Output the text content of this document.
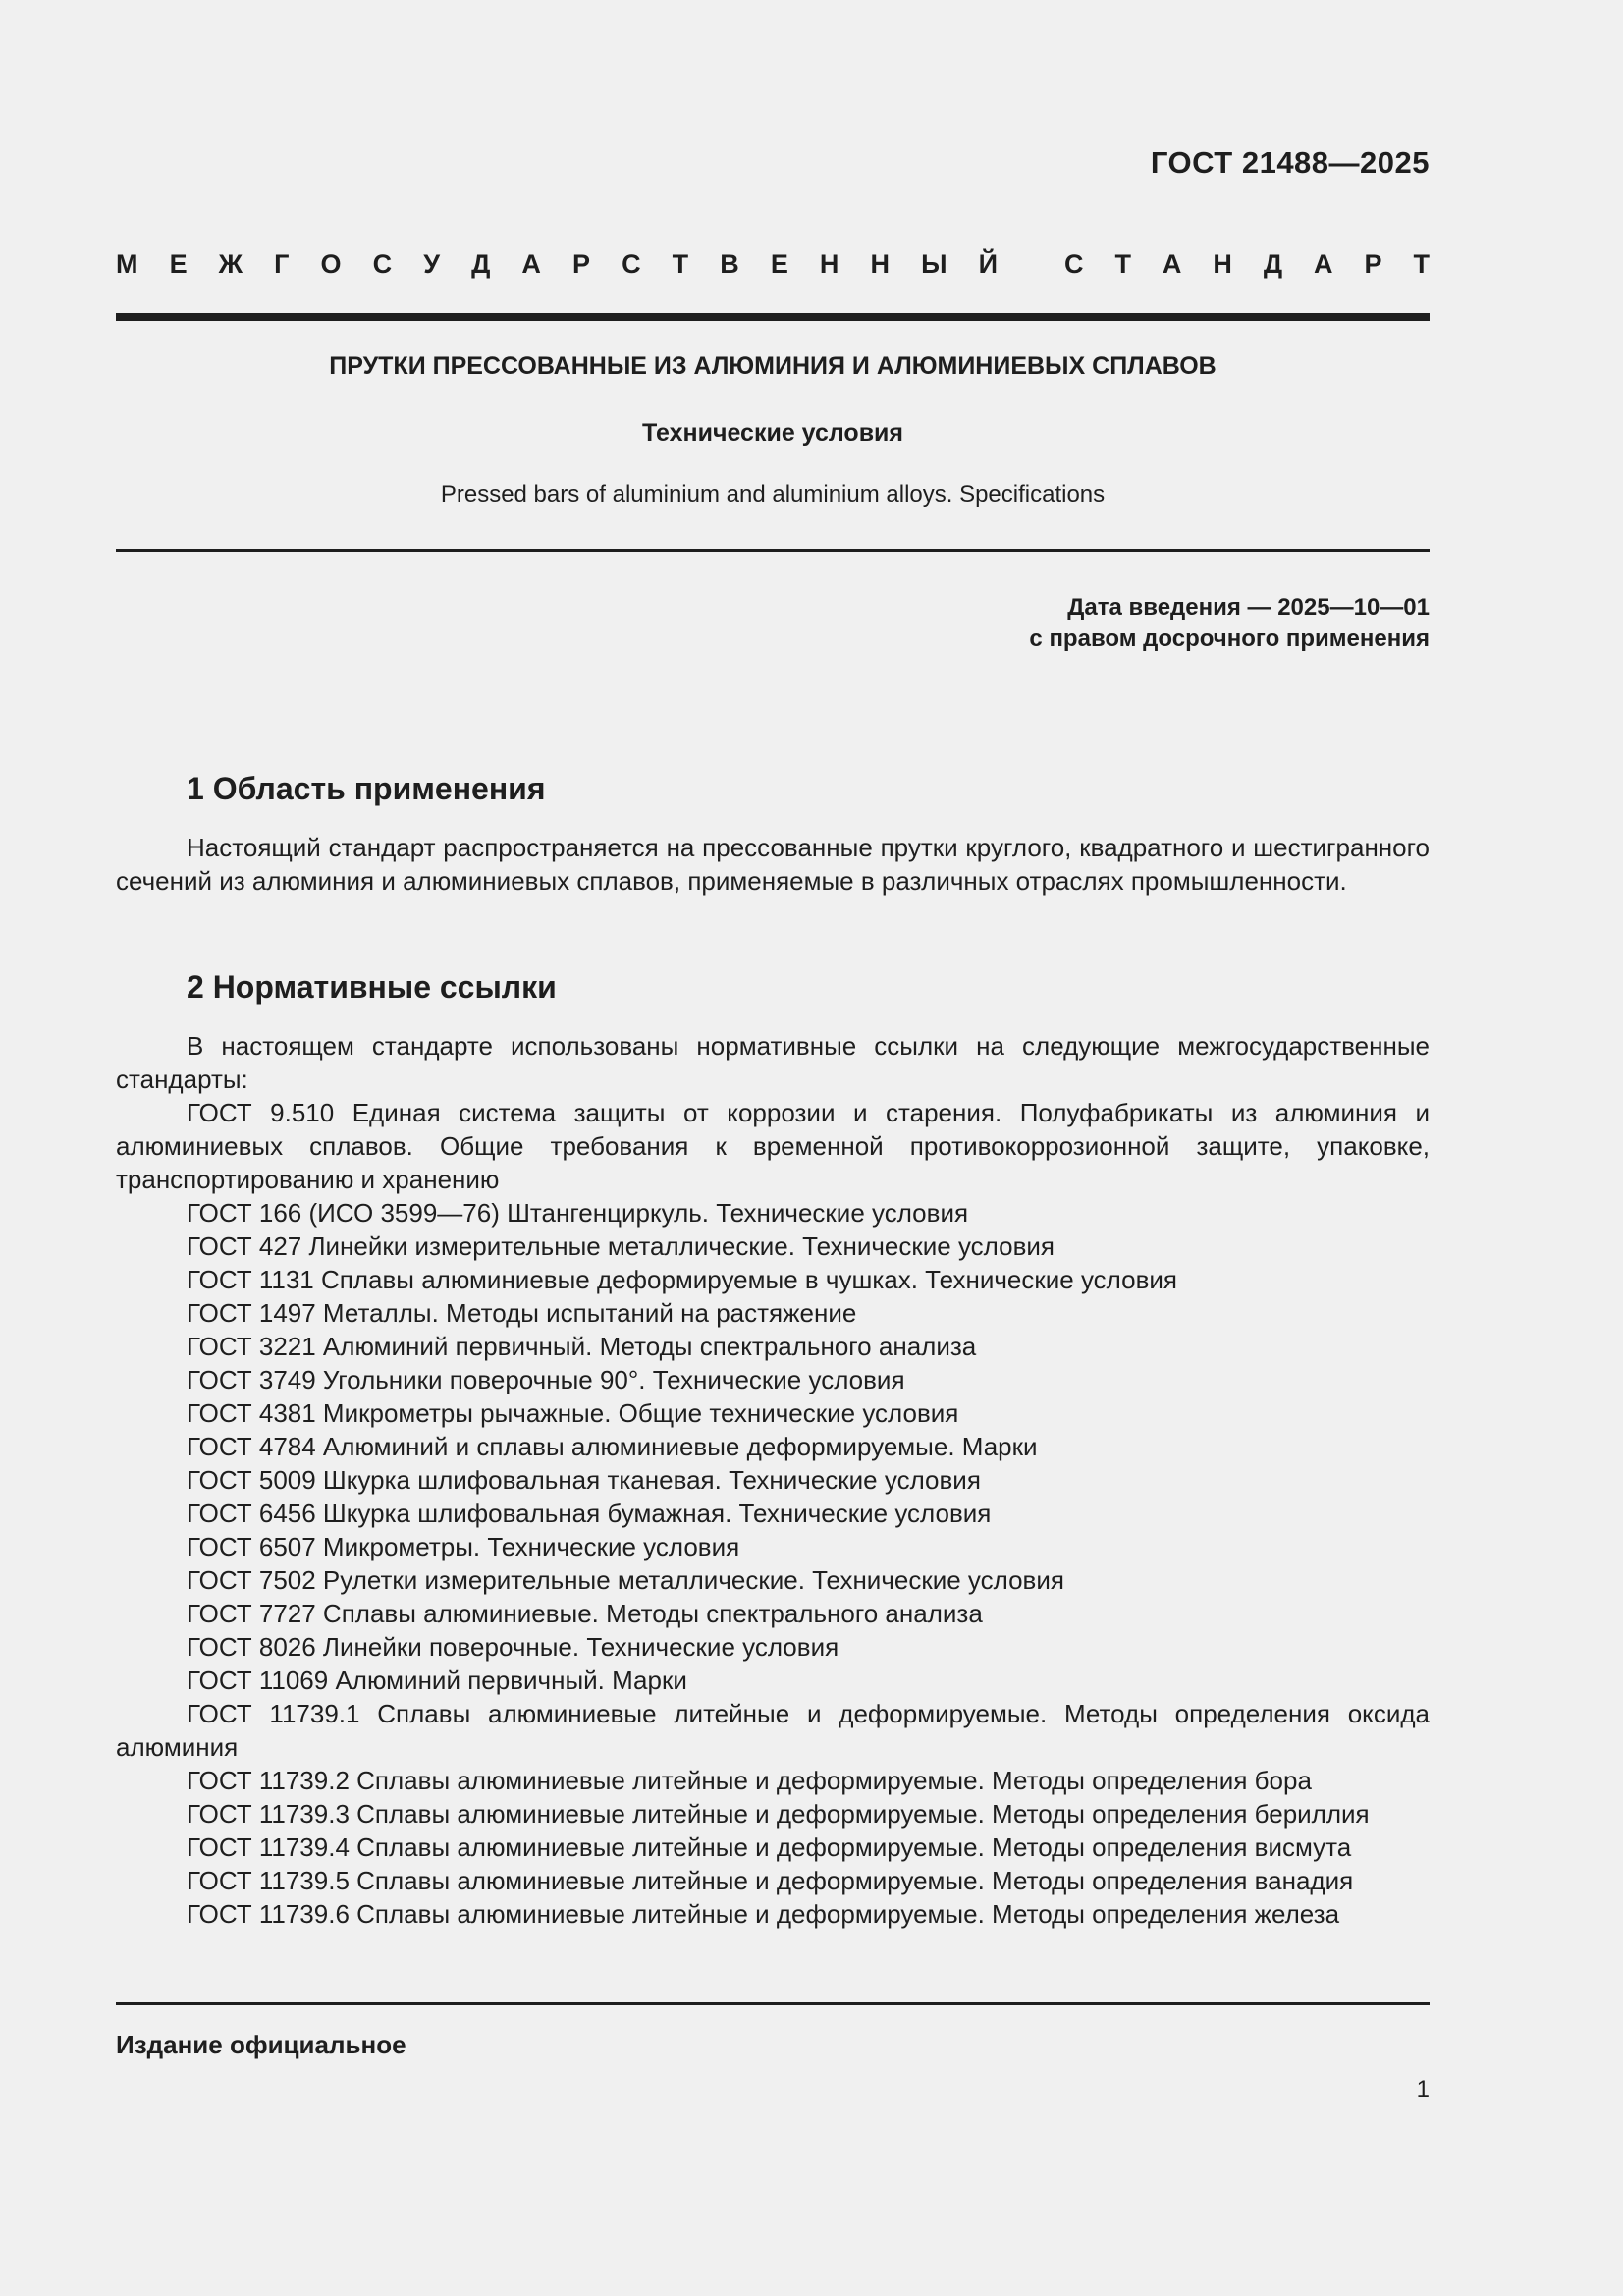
ГОСТ 21488—2025
М Е Ж Г О С У Д А Р С Т В Е Н Н Ы Й	С Т А Н Д А Р Т
ПРУТКИ ПРЕССОВАННЫЕ ИЗ АЛЮМИНИЯ И АЛЮМИНИЕВЫХ СПЛАВОВ
Технические условия
Pressed bars of aluminium and aluminium alloys. Specifications
Дата введения — 2025—10—01
с правом досрочного применения
1 Область применения

Настоящий стандарт распространяется на прессованные прутки круглого, квадратного и шестигранного сечений из алюминия и алюминиевых сплавов, применяемые в различных отраслях промышленности.

2 Нормативные ссылки

В настоящем стандарте использованы нормативные ссылки на следующие межгосударственные стандарты:

ГОСТ 9.510 Единая система защиты от коррозии и старения. Полуфабрикаты из алюминия и алюминиевых сплавов. Общие требования к временной противокоррозионной защите, упаковке, транспортированию и хранению

ГОСТ 166 (ИСО 3599—76) Штангенциркуль. Технические условия

ГОСТ 427 Линейки измерительные металлические. Технические условия

ГОСТ 1131 Сплавы алюминиевые деформируемые в чушках. Технические условия

ГОСТ 1497 Металлы. Методы испытаний на растяжение

ГОСТ 3221 Алюминий первичный. Методы спектрального анализа

ГОСТ 3749 Угольники поверочные 90°. Технические условия

ГОСТ 4381 Микрометры рычажные. Общие технические условия

ГОСТ 4784 Алюминий и сплавы алюминиевые деформируемые. Марки

ГОСТ 5009 Шкурка шлифовальная тканевая. Технические условия

ГОСТ 6456 Шкурка шлифовальная бумажная. Технические условия

ГОСТ 6507 Микрометры. Технические условия

ГОСТ 7502 Рулетки измерительные металлические. Технические условия

ГОСТ 7727 Сплавы алюминиевые. Методы спектрального анализа

ГОСТ 8026 Линейки поверочные. Технические условия

ГОСТ 11069 Алюминий первичный. Марки

ГОСТ 11739.1 Сплавы алюминиевые литейные и деформируемые. Методы определения оксида алюминия

ГОСТ 11739.2 Сплавы алюминиевые литейные и деформируемые. Методы определения бора

ГОСТ 11739.3 Сплавы алюминиевые литейные и деформируемые. Методы определения бериллия

ГОСТ 11739.4 Сплавы алюминиевые литейные и деформируемые. Методы определения висмута

ГОСТ 11739.5 Сплавы алюминиевые литейные и деформируемые. Методы определения ванадия

ГОСТ 11739.6 Сплавы алюминиевые литейные и деформируемые. Методы определения железа

Издание официальное
1
